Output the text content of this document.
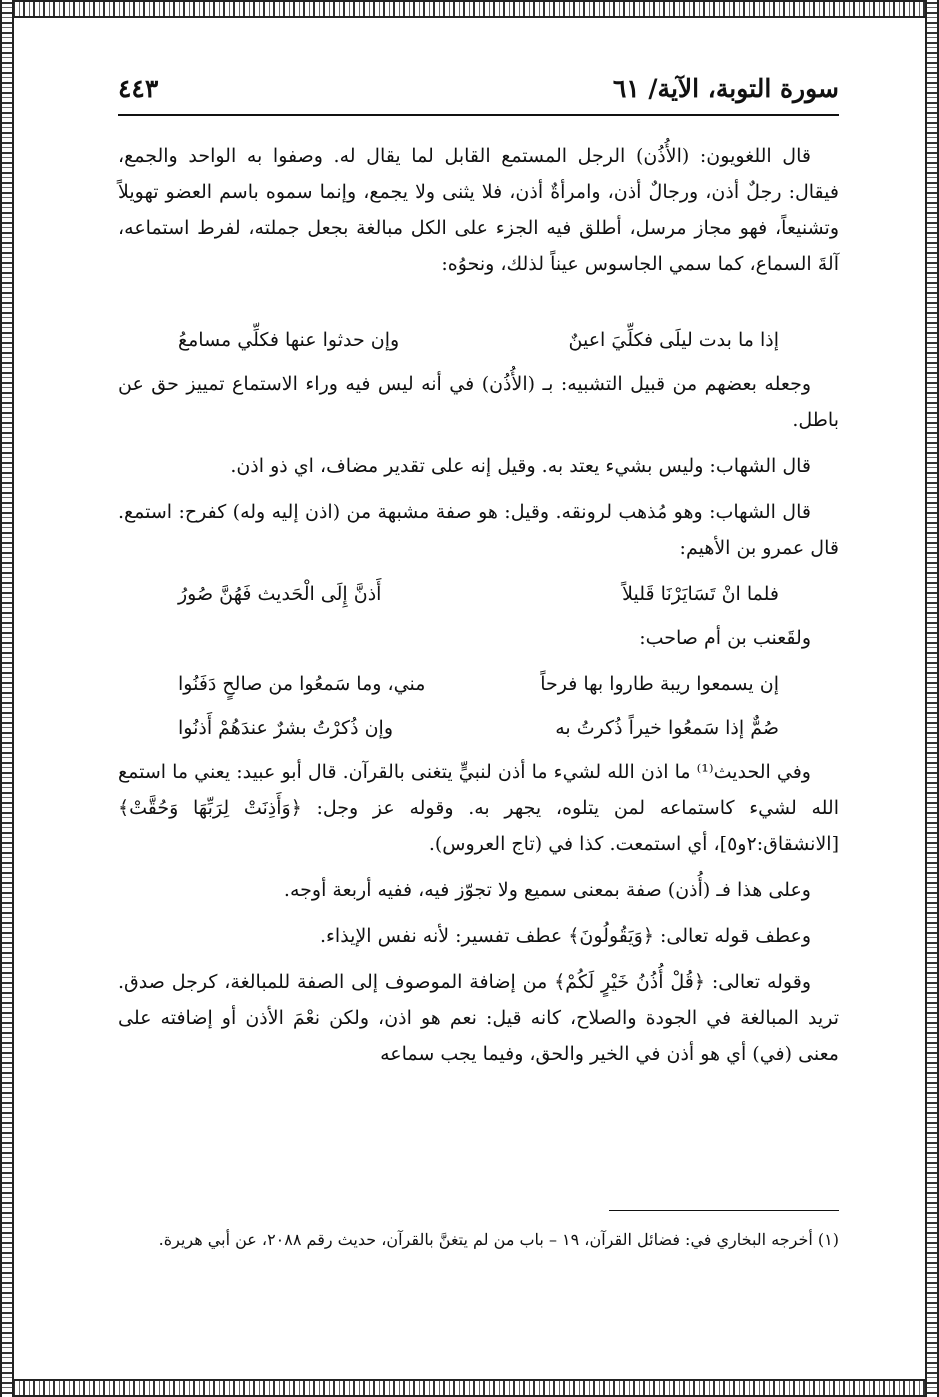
سورة التوبة، الآية/ ٦١
٤٤٣

قال اللغويون: (الأُذُن) الرجل المستمع القابل لما يقال له. وصفوا به الواحد والجمع، فيقال: رجلٌ أذن، ورجالٌ أذن، وامرأةٌ أذن، فلا يثنى ولا يجمع، وإنما سموه باسم العضو تهويلاً وتشنيعاً، فهو مجاز مرسل، أطلق فيه الجزء على الكل مبالغة بجعل جملته، لفرط استماعه، آلةَ السماع، كما سمي الجاسوس عيناً لذلك، ونحوُه:

إذا ما بدت ليلَى فكلِّيَ اعينٌ
وإن حدثوا عنها فكلِّي مسامعُ

وجعله بعضهم من قبيل التشبيه: بـ (الأُذُن) في أنه ليس فيه وراء الاستماع تمييز حق عن باطل.

قال الشهاب: وليس بشيء يعتد به. وقيل إنه على تقدير مضاف، اي ذو اذن.

قال الشهاب: وهو مُذهب لرونقه. وقيل: هو صفة مشبهة من (اذن إليه وله) كفرح: استمع. قال عمرو بن الأهيم:

فلما انْ تَسَايَرْنَا قَليلاً
أَذنَّ إِلَى الْحَديث فَهُنَّ صُورُ

ولقَعنب بن أم صاحب:

إن يسمعوا ريبة طاروا بها فرحاً
مني، وما سَمعُوا من صالحٍ دَفَنُوا
صُمٌّ إذا سَمعُوا خيراً ذُكرتُ به
وإن ذُكرْتُ بشرٌ عندَهُمْ أَذنُوا

وفي الحديث⁽¹⁾ ما اذن الله لشيء ما أذن لنبيٍّ يتغنى بالقرآن. قال أبو عبيد: يعني ما استمع الله لشيء كاستماعه لمن يتلوه، يجهر به. وقوله عز وجل: ﴿وَأَذِنَتْ لِرَبِّهَا وَحُقَّتْ﴾ [الانشقاق:٢و٥]، أي استمعت. كذا في (تاج العروس).

وعلى هذا فـ (أُذن) صفة بمعنى سميع ولا تجوّز فيه، ففيه أربعة أوجه.

وعطف قوله تعالى: ﴿وَيَقُولُونَ﴾ عطف تفسير: لأنه نفس الإيذاء.

وقوله تعالى: ﴿قُلْ أُذُنُ خَيْرٍ لَكُمْ﴾ من إضافة الموصوف إلى الصفة للمبالغة، كرجل صدق. تريد المبالغة في الجودة والصلاح، كانه قيل: نعم هو اذن، ولكن نعْمَ الأذن أو إضافته على معنى (في) أي هو أذن في الخير والحق، وفيما يجب سماعه

(١) أخرجه البخاري في: فضائل القرآن، ١٩ – باب من لم يتغنَّ بالقرآن، حديث رقم ٢٠٨٨، عن أبي هريرة.
